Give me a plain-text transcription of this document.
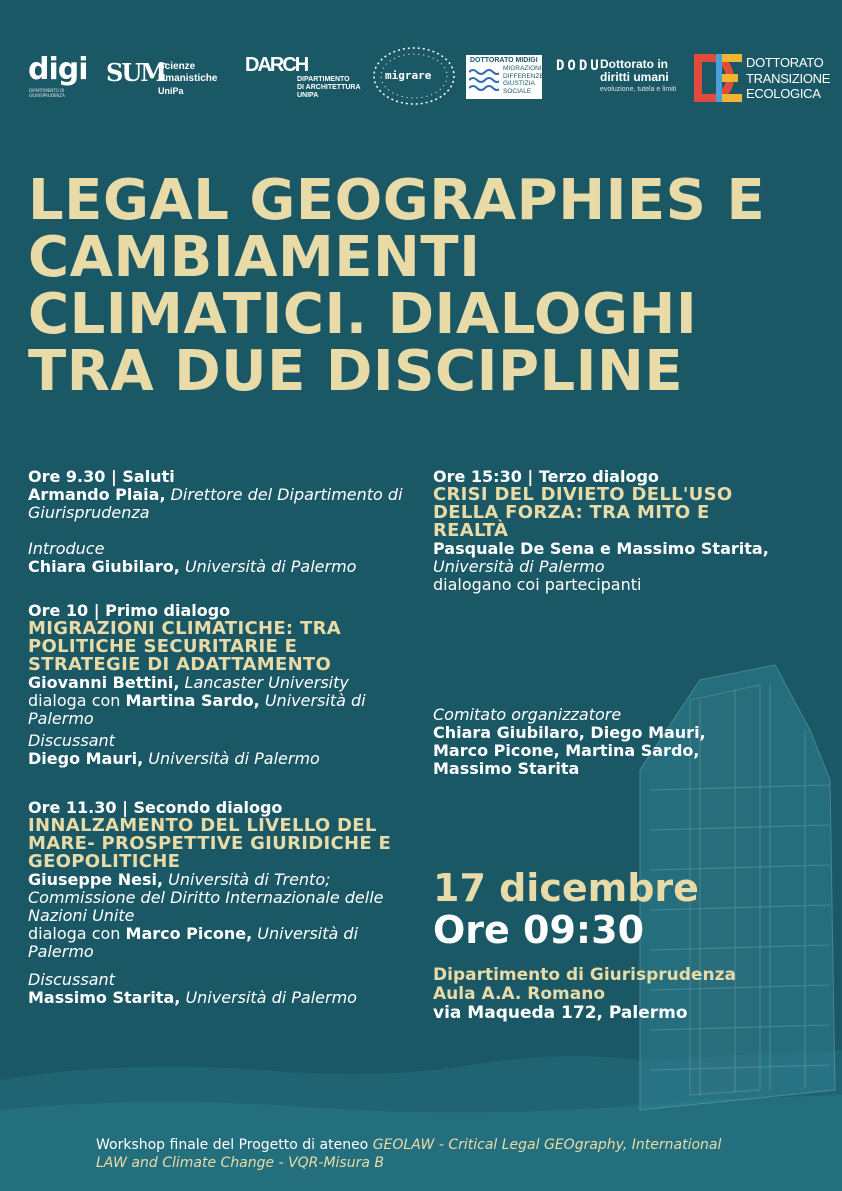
digi
DIPARTIMENTO DI GIURISPRUDENZA
SUM
Scienze
Umanistiche
UniPa
DARCH
DIPARTIMENTO
DI ARCHITETTURA
UNIPA
migrare
DOTTORATO MIDIGI
MIGRAZIONI
DIFFERENZE
GIUSTIZIA
SOCIALE
DODU
Dottorato in
diritti umani
evoluzione, tutela e limiti
DOTTORATO
TRANSIZIONE
ECOLOGICA
LEGAL GEOGRAPHIES E CAMBIAMENTI CLIMATICI. DIALOGHI TRA DUE DISCIPLINE
Ore 9.30 | Saluti
Armando Plaia, Direttore del Dipartimento di Giurisprudenza
Introduce
Chiara Giubilaro, Università di Palermo
Ore 10 | Primo dialogo
MIGRAZIONI CLIMATICHE: TRA POLITICHE SECURITARIE E STRATEGIE DI ADATTAMENTO
Giovanni Bettini, Lancaster University
dialoga con Martina Sardo, Università di Palermo
Discussant
Diego Mauri, Università di Palermo
Ore 11.30 | Secondo dialogo
INNALZAMENTO DEL LIVELLO DEL MARE- PROSPETTIVE GIURIDICHE E GEOPOLITICHE
Giuseppe Nesi, Università di Trento; Commissione del Diritto Internazionale delle Nazioni Unite
dialoga con Marco Picone, Università di Palermo
Discussant
Massimo Starita, Università di Palermo
Ore 15:30 | Terzo dialogo
CRISI DEL DIVIETO DELL'USO DELLA FORZA: TRA MITO E REALTÀ
Pasquale De Sena e Massimo Starita,
Università di Palermo
dialogano coi partecipanti
Comitato organizzatore
Chiara Giubilaro, Diego Mauri,
Marco Picone, Martina Sardo,
Massimo Starita
17 dicembre
Ore 09:30
Dipartimento di Giurisprudenza
Aula A.A. Romano
via Maqueda 172, Palermo
Workshop finale del Progetto di ateneo GEOLAW - Critical Legal GEOgraphy, International LAW and Climate Change - VQR-Misura B
